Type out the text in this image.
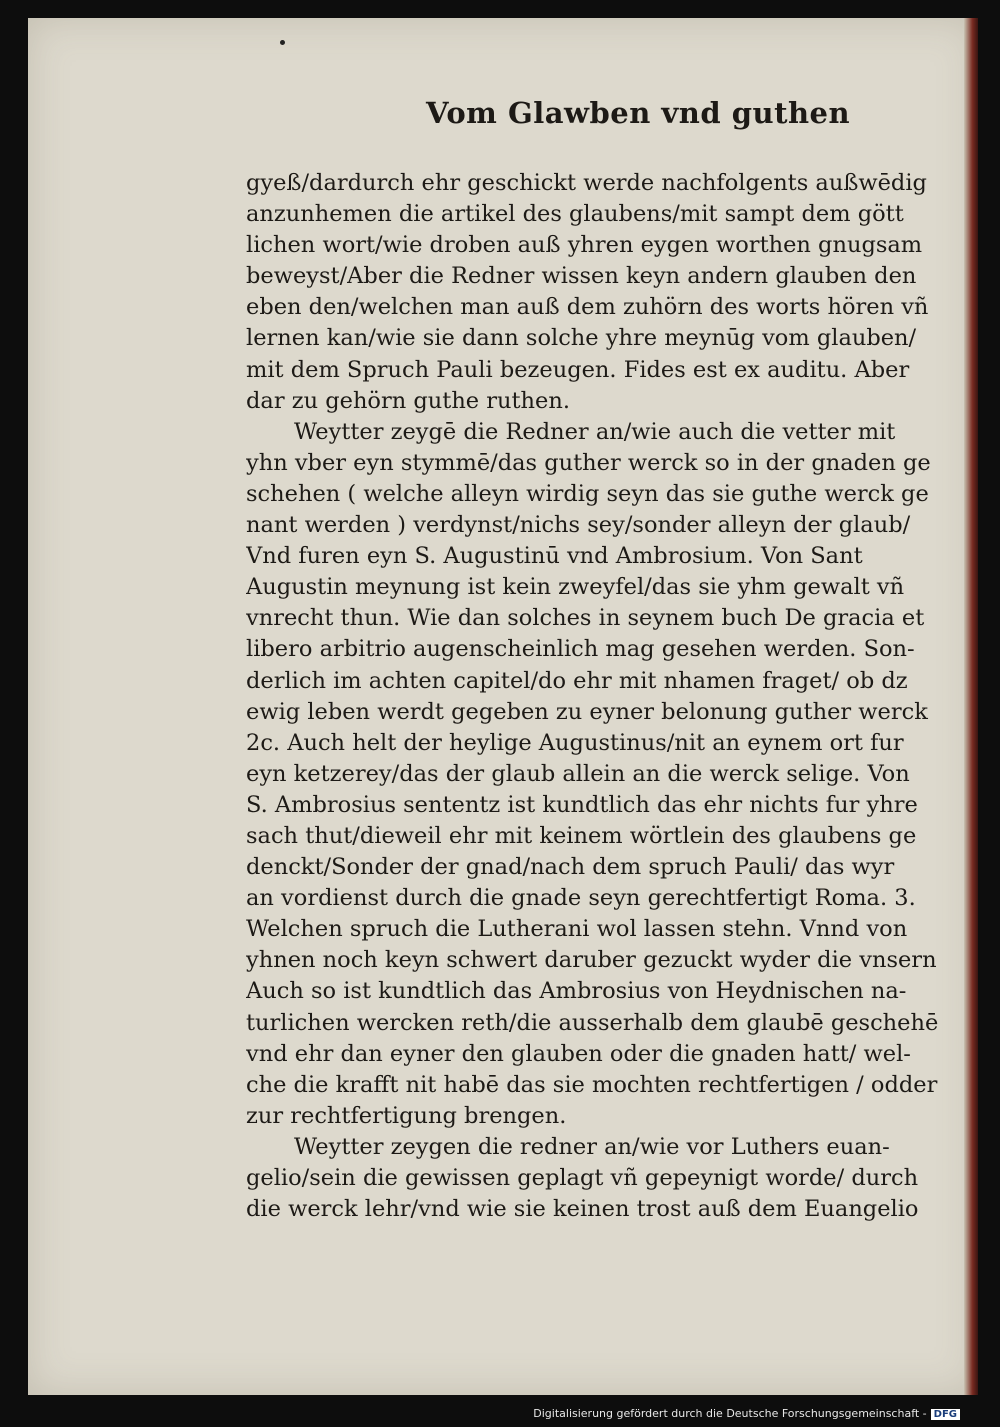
Vom Glawben vnd guthen
gyeß/dardurch ehr geschickt werde nachfolgents außwēdig
anzunhemen die artikel des glaubens/mit sampt dem gött
lichen wort/wie droben auß yhren eygen worthen gnugsam
beweyst/Aber die Redner wissen keyn andern glauben den
eben den/welchen man auß dem zuhörn des worts hören vñ
lernen kan/wie sie dann solche yhre meynūg vom glauben/
mit dem Spruch Pauli bezeugen. Fides est ex auditu. Aber
dar zu gehörn guthe ruthen.
Weytter zeygē die Redner an/wie auch die vetter mit
yhn vber eyn stymmē/das guther werck so in der gnaden ge
schehen ( welche alleyn wirdig seyn das sie guthe werck ge
nant werden ) verdynst/nichs sey/sonder alleyn der glaub/
Vnd furen eyn S. Augustinū vnd Ambrosium. Von Sant
Augustin meynung ist kein zweyfel/das sie yhm gewalt vñ
vnrecht thun. Wie dan solches in seynem buch De gracia et
libero arbitrio augenscheinlich mag gesehen werden. Son-
derlich im achten capitel/do ehr mit nhamen fraget/ ob dz
ewig leben werdt gegeben zu eyner belonung guther werck
2c. Auch helt der heylige Augustinus/nit an eynem ort fur
eyn ketzerey/das der glaub allein an die werck selige. Von
S. Ambrosius sententz ist kundtlich das ehr nichts fur yhre
sach thut/dieweil ehr mit keinem wörtlein des glaubens ge
denckt/Sonder der gnad/nach dem spruch Pauli/ das wyr
an vordienst durch die gnade seyn gerechtfertigt Roma. 3.
Welchen spruch die Lutherani wol lassen stehn. Vnnd von
yhnen noch keyn schwert daruber gezuckt wyder die vnsern
Auch so ist kundtlich das Ambrosius von Heydnischen na-
turlichen wercken reth/die ausserhalb dem glaubē geschehē
vnd ehr dan eyner den glauben oder die gnaden hatt/ wel-
che die krafft nit habē das sie mochten rechtfertigen / odder
zur rechtfertigung brengen.
Weytter zeygen die redner an/wie vor Luthers euan-
gelio/sein die gewissen geplagt vñ gepeynigt worde/ durch
die werck lehr/vnd wie sie keinen trost auß dem Euangelio
Digitalisierung gefördert durch die Deutsche Forschungsgemeinschaft - DFG
